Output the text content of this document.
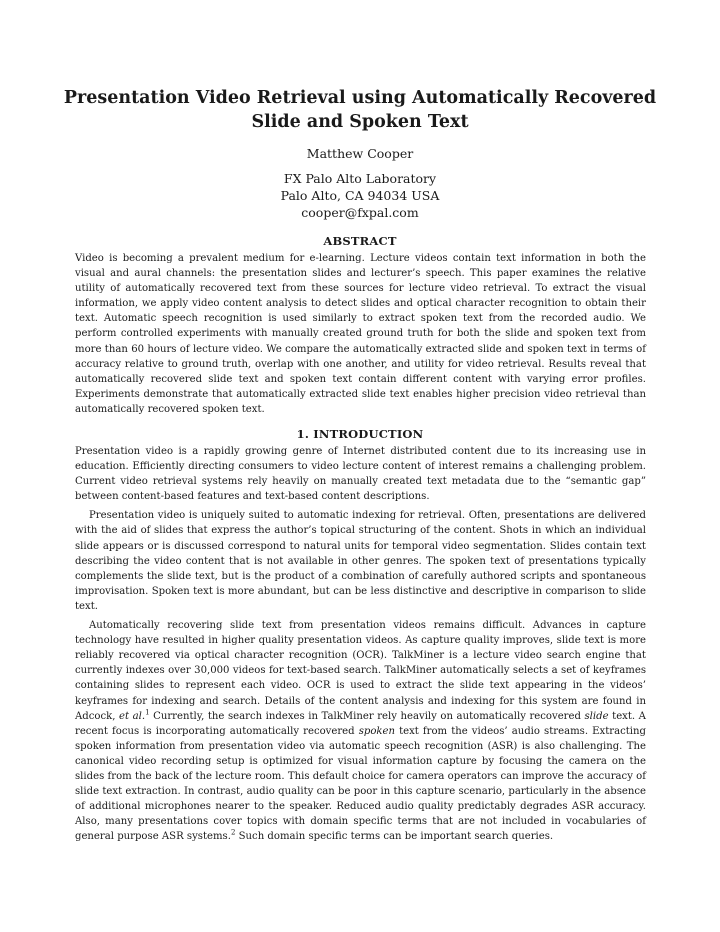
Presentation Video Retrieval using Automatically Recovered
Slide and Spoken Text
Matthew Cooper
FX Palo Alto Laboratory
Palo Alto, CA 94034 USA
cooper@fxpal.com
ABSTRACT

Video is becoming a prevalent medium for e-learning. Lecture videos contain text information in both the visual and aural channels: the presentation slides and lecturer’s speech. This paper examines the relative utility of automatically recovered text from these sources for lecture video retrieval. To extract the visual information, we apply video content analysis to detect slides and optical character recognition to obtain their text. Automatic speech recognition is used similarly to extract spoken text from the recorded audio. We perform controlled experiments with manually created ground truth for both the slide and spoken text from more than 60 hours of lecture video. We compare the automatically extracted slide and spoken text in terms of accuracy relative to ground truth, overlap with one another, and utility for video retrieval. Results reveal that automatically recovered slide text and spoken text contain different content with varying error profiles. Experiments demonstrate that automatically extracted slide text enables higher precision video retrieval than automatically recovered spoken text.

1. INTRODUCTION

Presentation video is a rapidly growing genre of Internet distributed content due to its increasing use in education. Efficiently directing consumers to video lecture content of interest remains a challenging problem. Current video retrieval systems rely heavily on manually created text metadata due to the “semantic gap” between content-based features and text-based content descriptions.

Presentation video is uniquely suited to automatic indexing for retrieval. Often, presentations are delivered with the aid of slides that express the author’s topical structuring of the content. Shots in which an individual slide appears or is discussed correspond to natural units for temporal video segmentation. Slides contain text describing the video content that is not available in other genres. The spoken text of presentations typically complements the slide text, but is the product of a combination of carefully authored scripts and spontaneous improvisation. Spoken text is more abundant, but can be less distinctive and descriptive in comparison to slide text.

Automatically recovering slide text from presentation videos remains difficult. Advances in capture technology have resulted in higher quality presentation videos. As capture quality improves, slide text is more reliably recovered via optical character recognition (OCR). TalkMiner is a lecture video search engine that currently indexes over 30,000 videos for text-based search. TalkMiner automatically selects a set of keyframes containing slides to represent each video. OCR is used to extract the slide text appearing in the videos’ keyframes for indexing and search. Details of the content analysis and indexing for this system are found in Adcock, et al.$^1$ Currently, the search indexes in TalkMiner rely heavily on automatically recovered slide text. A recent focus is incorporating automatically recovered spoken text from the videos’ audio streams. Extracting spoken information from presentation video via automatic speech recognition (ASR) is also challenging. The canonical video recording setup is optimized for visual information capture by focusing the camera on the slides from the back of the lecture room. This default choice for camera operators can improve the accuracy of slide text extraction. In contrast, audio quality can be poor in this capture scenario, particularly in the absence of additional microphones nearer to the speaker. Reduced audio quality predictably degrades ASR accuracy. Also, many presentations cover topics with domain specific terms that are not included in vocabularies of general purpose ASR systems.$^2$ Such domain specific terms can be important search queries.
